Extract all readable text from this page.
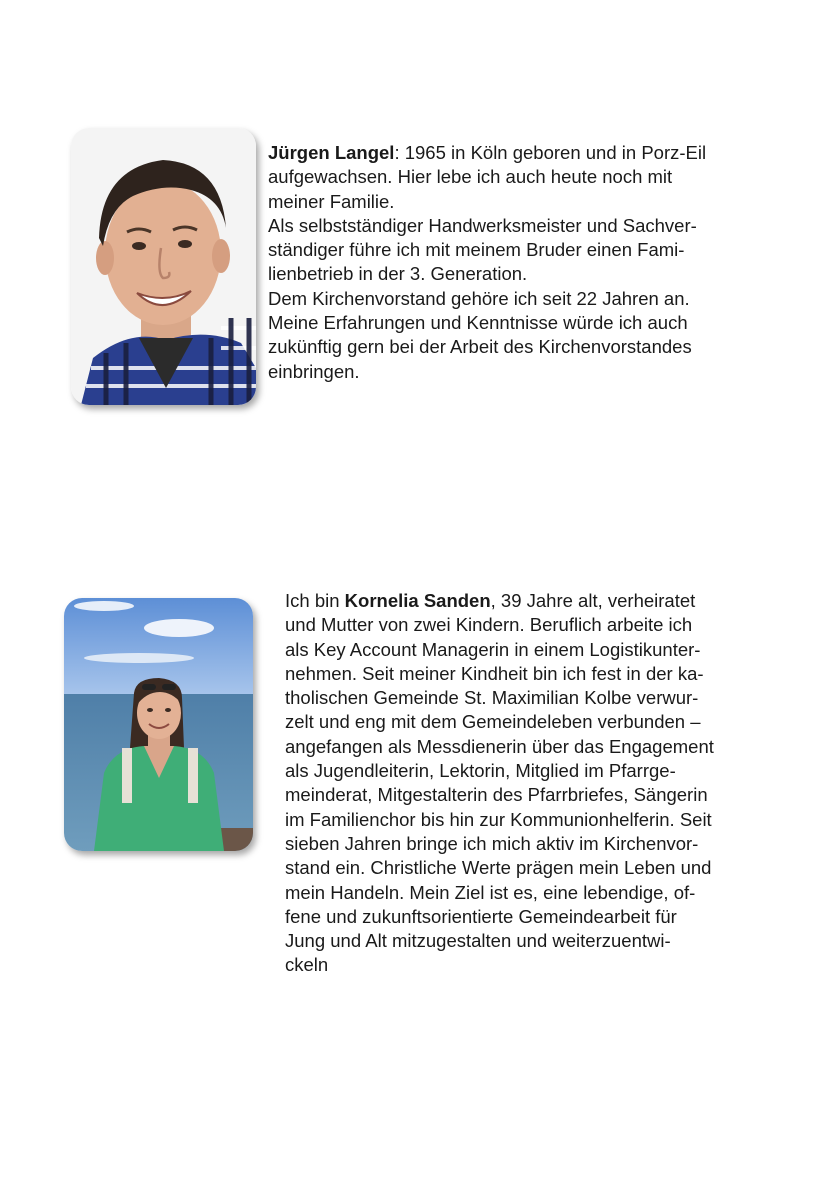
Jürgen Langel: 1965 in Köln geboren und in Porz-Eil
aufgewachsen. Hier lebe ich auch heute noch mit
meiner Familie.
Als selbstständiger Handwerksmeister und Sachver-
ständiger führe ich mit meinem Bruder einen Fami-
lienbetrieb in der 3. Generation.
Dem Kirchenvorstand gehöre ich seit 22 Jahren an.
Meine Erfahrungen und Kenntnisse würde ich auch
zukünftig gern bei der Arbeit des Kirchenvorstandes
einbringen.

Ich bin Kornelia Sanden, 39 Jahre alt, verheiratet
und Mutter von zwei Kindern. Beruflich arbeite ich
als Key Account Managerin in einem Logistikunter-
nehmen. Seit meiner Kindheit bin ich fest in der ka-
tholischen Gemeinde St. Maximilian Kolbe verwur-
zelt und eng mit dem Gemeindeleben verbunden –
angefangen als Messdienerin über das Engagement
als Jugendleiterin, Lektorin, Mitglied im Pfarrge-
meinderat, Mitgestalterin des Pfarrbriefes, Sängerin
im Familienchor bis hin zur Kommunionhelferin. Seit
sieben Jahren bringe ich mich aktiv im Kirchenvor-
stand ein. Christliche Werte prägen mein Leben und
mein Handeln. Mein Ziel ist es, eine lebendige, of-
fene und zukunftsorientierte Gemeindearbeit für
Jung und Alt mitzugestalten und weiterzuentwi-
ckeln
